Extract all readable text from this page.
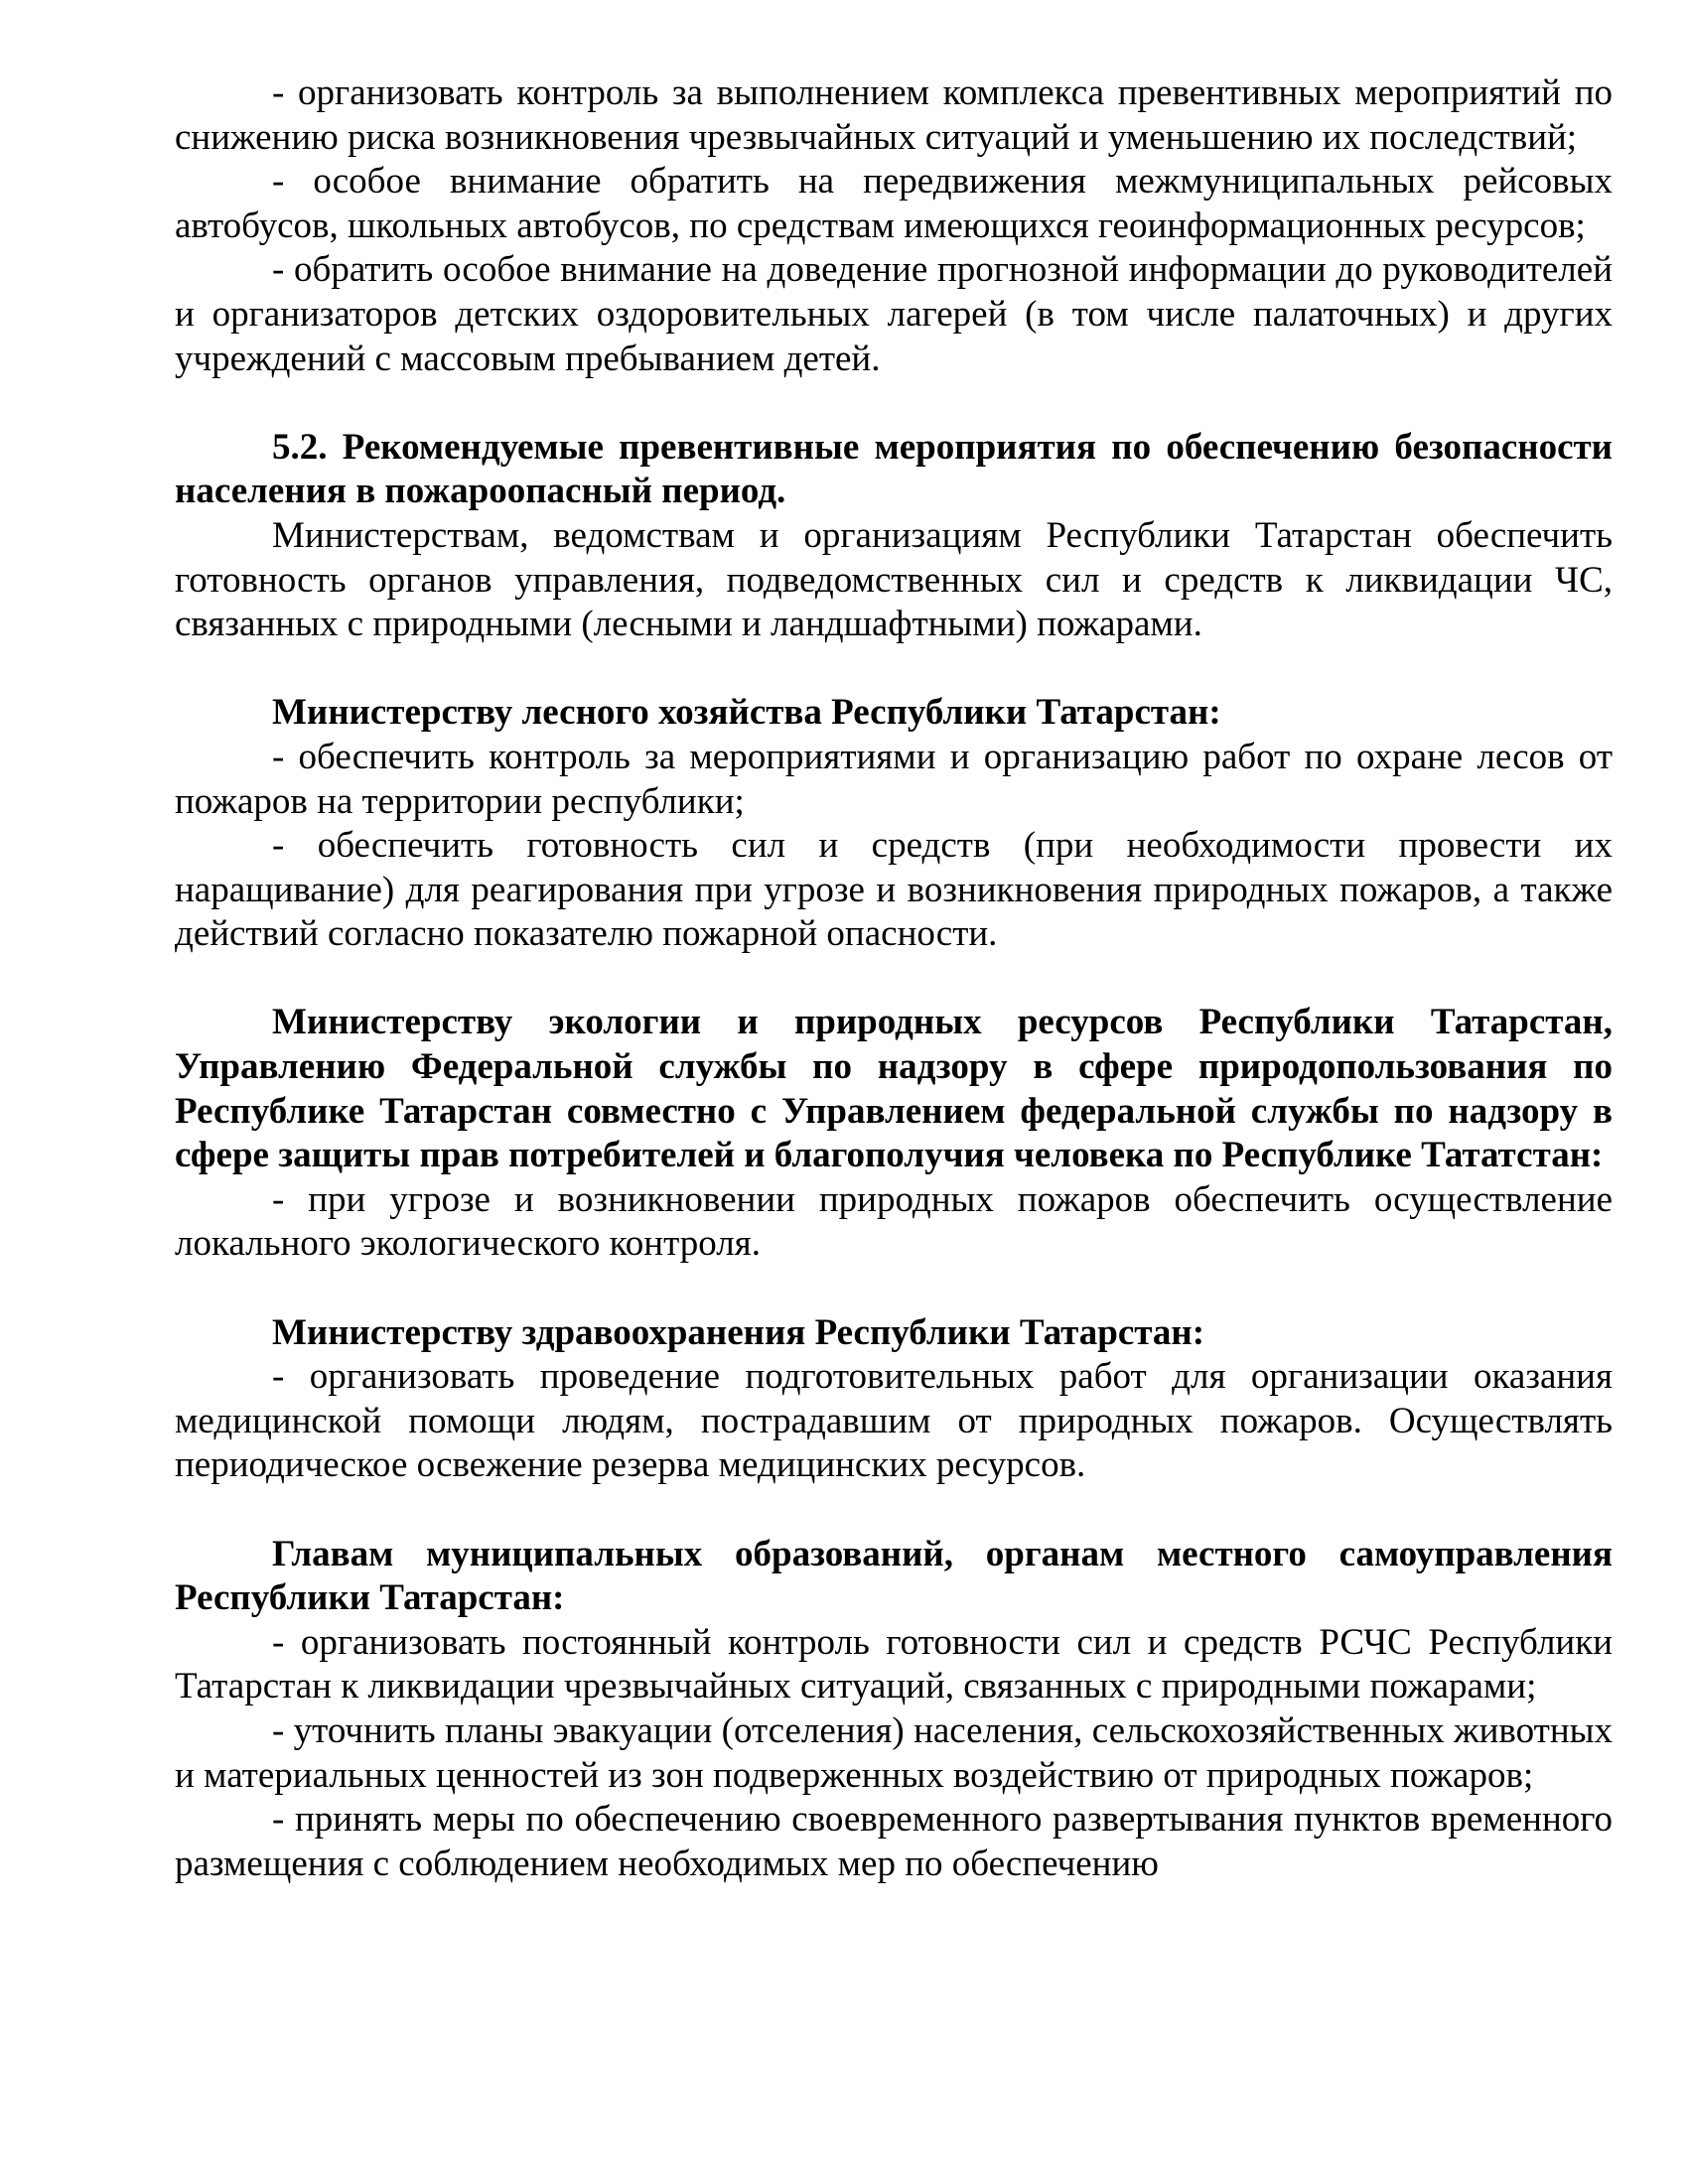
- организовать контроль за выполнением комплекса превентивных мероприятий по снижению риска возникновения чрезвычайных ситуаций и уменьшению их последствий;

- особое внимание обратить на передвижения межмуниципальных рейсовых автобусов, школьных автобусов, по средствам имеющихся геоинформационных ресурсов;

- обратить особое внимание на доведение прогнозной информации до руководителей и организаторов детских оздоровительных лагерей (в том числе палаточных) и других учреждений с массовым пребыванием детей.

5.2. Рекомендуемые превентивные мероприятия по обеспечению безопасности населения в пожароопасный период.

Министерствам, ведомствам и организациям Республики Татарстан обеспечить готовность органов управления, подведомственных сил и средств к ликвидации ЧС, связанных с природными (лесными и ландшафтными) пожарами.

Министерству лесного хозяйства Республики Татарстан:

- обеспечить контроль за мероприятиями и организацию работ по охране лесов от пожаров на территории республики;

- обеспечить готовность сил и средств (при необходимости провести их наращивание) для реагирования при угрозе и возникновения природных пожаров, а также действий согласно показателю пожарной опасности.

Министерству экологии и природных ресурсов Республики Татарстан, Управлению Федеральной службы по надзору в сфере природопользования по Республике Татарстан совместно с Управлением федеральной службы по надзору в сфере защиты прав потребителей и благополучия человека по Республике Тататстан:

- при угрозе и возникновении природных пожаров обеспечить осуществление локального экологического контроля.

Министерству здравоохранения Республики Татарстан:

- организовать проведение подготовительных работ для организации оказания медицинской помощи людям, пострадавшим от природных пожаров. Осуществлять периодическое освежение резерва медицинских ресурсов.

Главам муниципальных образований, органам местного самоуправления Республики Татарстан:

- организовать постоянный контроль готовности сил и средств РСЧС Республики Татарстан к ликвидации чрезвычайных ситуаций, связанных с природными пожарами;

- уточнить планы эвакуации (отселения) населения, сельскохозяйственных животных и материальных ценностей из зон подверженных воздействию от природных пожаров;

- принять меры по обеспечению своевременного развертывания пунктов временного размещения с соблюдением необходимых мер по обеспечению
